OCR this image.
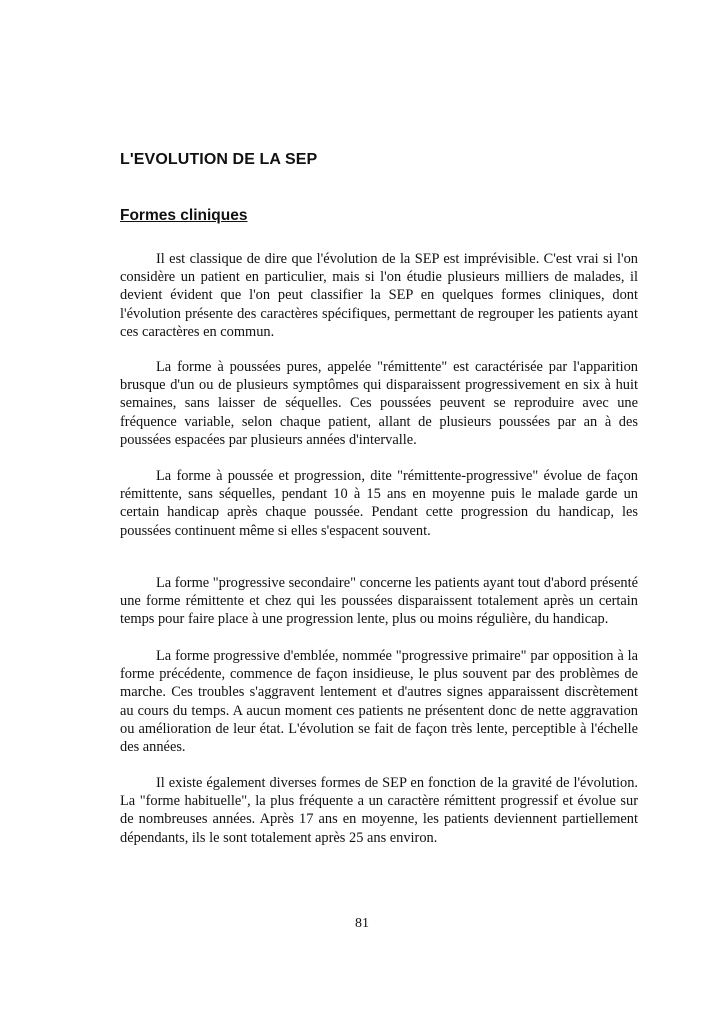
L'EVOLUTION DE LA SEP
Formes cliniques

Il est classique de dire que l'évolution de la SEP est imprévisible. C'est vrai si l'on considère un patient en particulier, mais si l'on étudie plusieurs milliers de malades, il devient évident que l'on peut classifier la SEP en quelques formes cliniques, dont l'évolution présente des caractères spécifiques, permettant de regrouper les patients ayant ces caractères en commun.

La forme à poussées pures, appelée "rémittente" est caractérisée par l'apparition brusque d'un ou de plusieurs symptômes qui disparaissent progressivement en six à huit semaines, sans laisser de séquelles. Ces poussées peuvent se reproduire avec une fréquence variable, selon chaque patient, allant de plusieurs poussées par an à des poussées espacées par plusieurs années d'intervalle.

La forme à poussée et progression, dite "rémittente-progressive" évolue de façon rémittente, sans séquelles, pendant 10 à 15 ans en moyenne puis le malade garde un certain handicap après chaque poussée. Pendant cette progression du handicap, les poussées continuent même si elles s'espacent souvent.

La forme "progressive secondaire" concerne les patients ayant tout d'abord présenté une forme rémittente et chez qui les poussées disparaissent totalement après un certain temps pour faire place à une progression lente, plus ou moins régulière, du handicap.

La forme progressive d'emblée, nommée "progressive primaire" par opposition à la forme précédente, commence de façon insidieuse, le plus souvent par des problèmes de marche. Ces troubles s'aggravent lentement et d'autres signes apparaissent discrètement au cours du temps. A aucun moment ces patients ne présentent donc de nette aggravation ou amélioration de leur état. L'évolution se fait de façon très lente, perceptible à l'échelle des années.

Il existe également diverses formes de SEP en fonction de la gravité de l'évolution. La "forme habituelle", la plus fréquente a un caractère rémittent progressif et évolue sur de nombreuses années. Après 17 ans en moyenne, les patients deviennent partiellement dépendants, ils le sont totalement après 25 ans environ.

81
